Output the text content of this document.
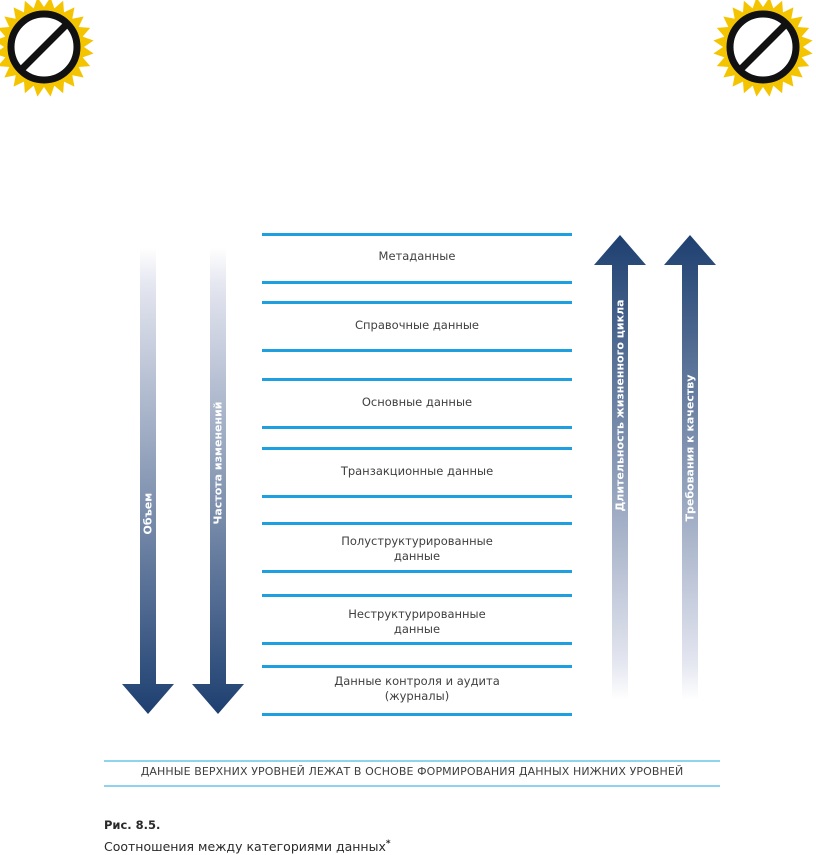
Объем	Частота изменений	Длительность жизненного цикла	Требования к качеству
Метаданные
Справочные данные
Основные данные
Транзакционные данные
Полуструктурированные
данные
Неструктурированные
данные
Данные контроля и аудита
(журналы)
ДАННЫЕ ВЕРХНИХ УРОВНЕЙ ЛЕЖАТ В ОСНОВЕ ФОРМИРОВАНИЯ ДАННЫХ НИЖНИХ УРОВНЕЙ
Рис. 8.5.
Соотношения между категориями данных*
